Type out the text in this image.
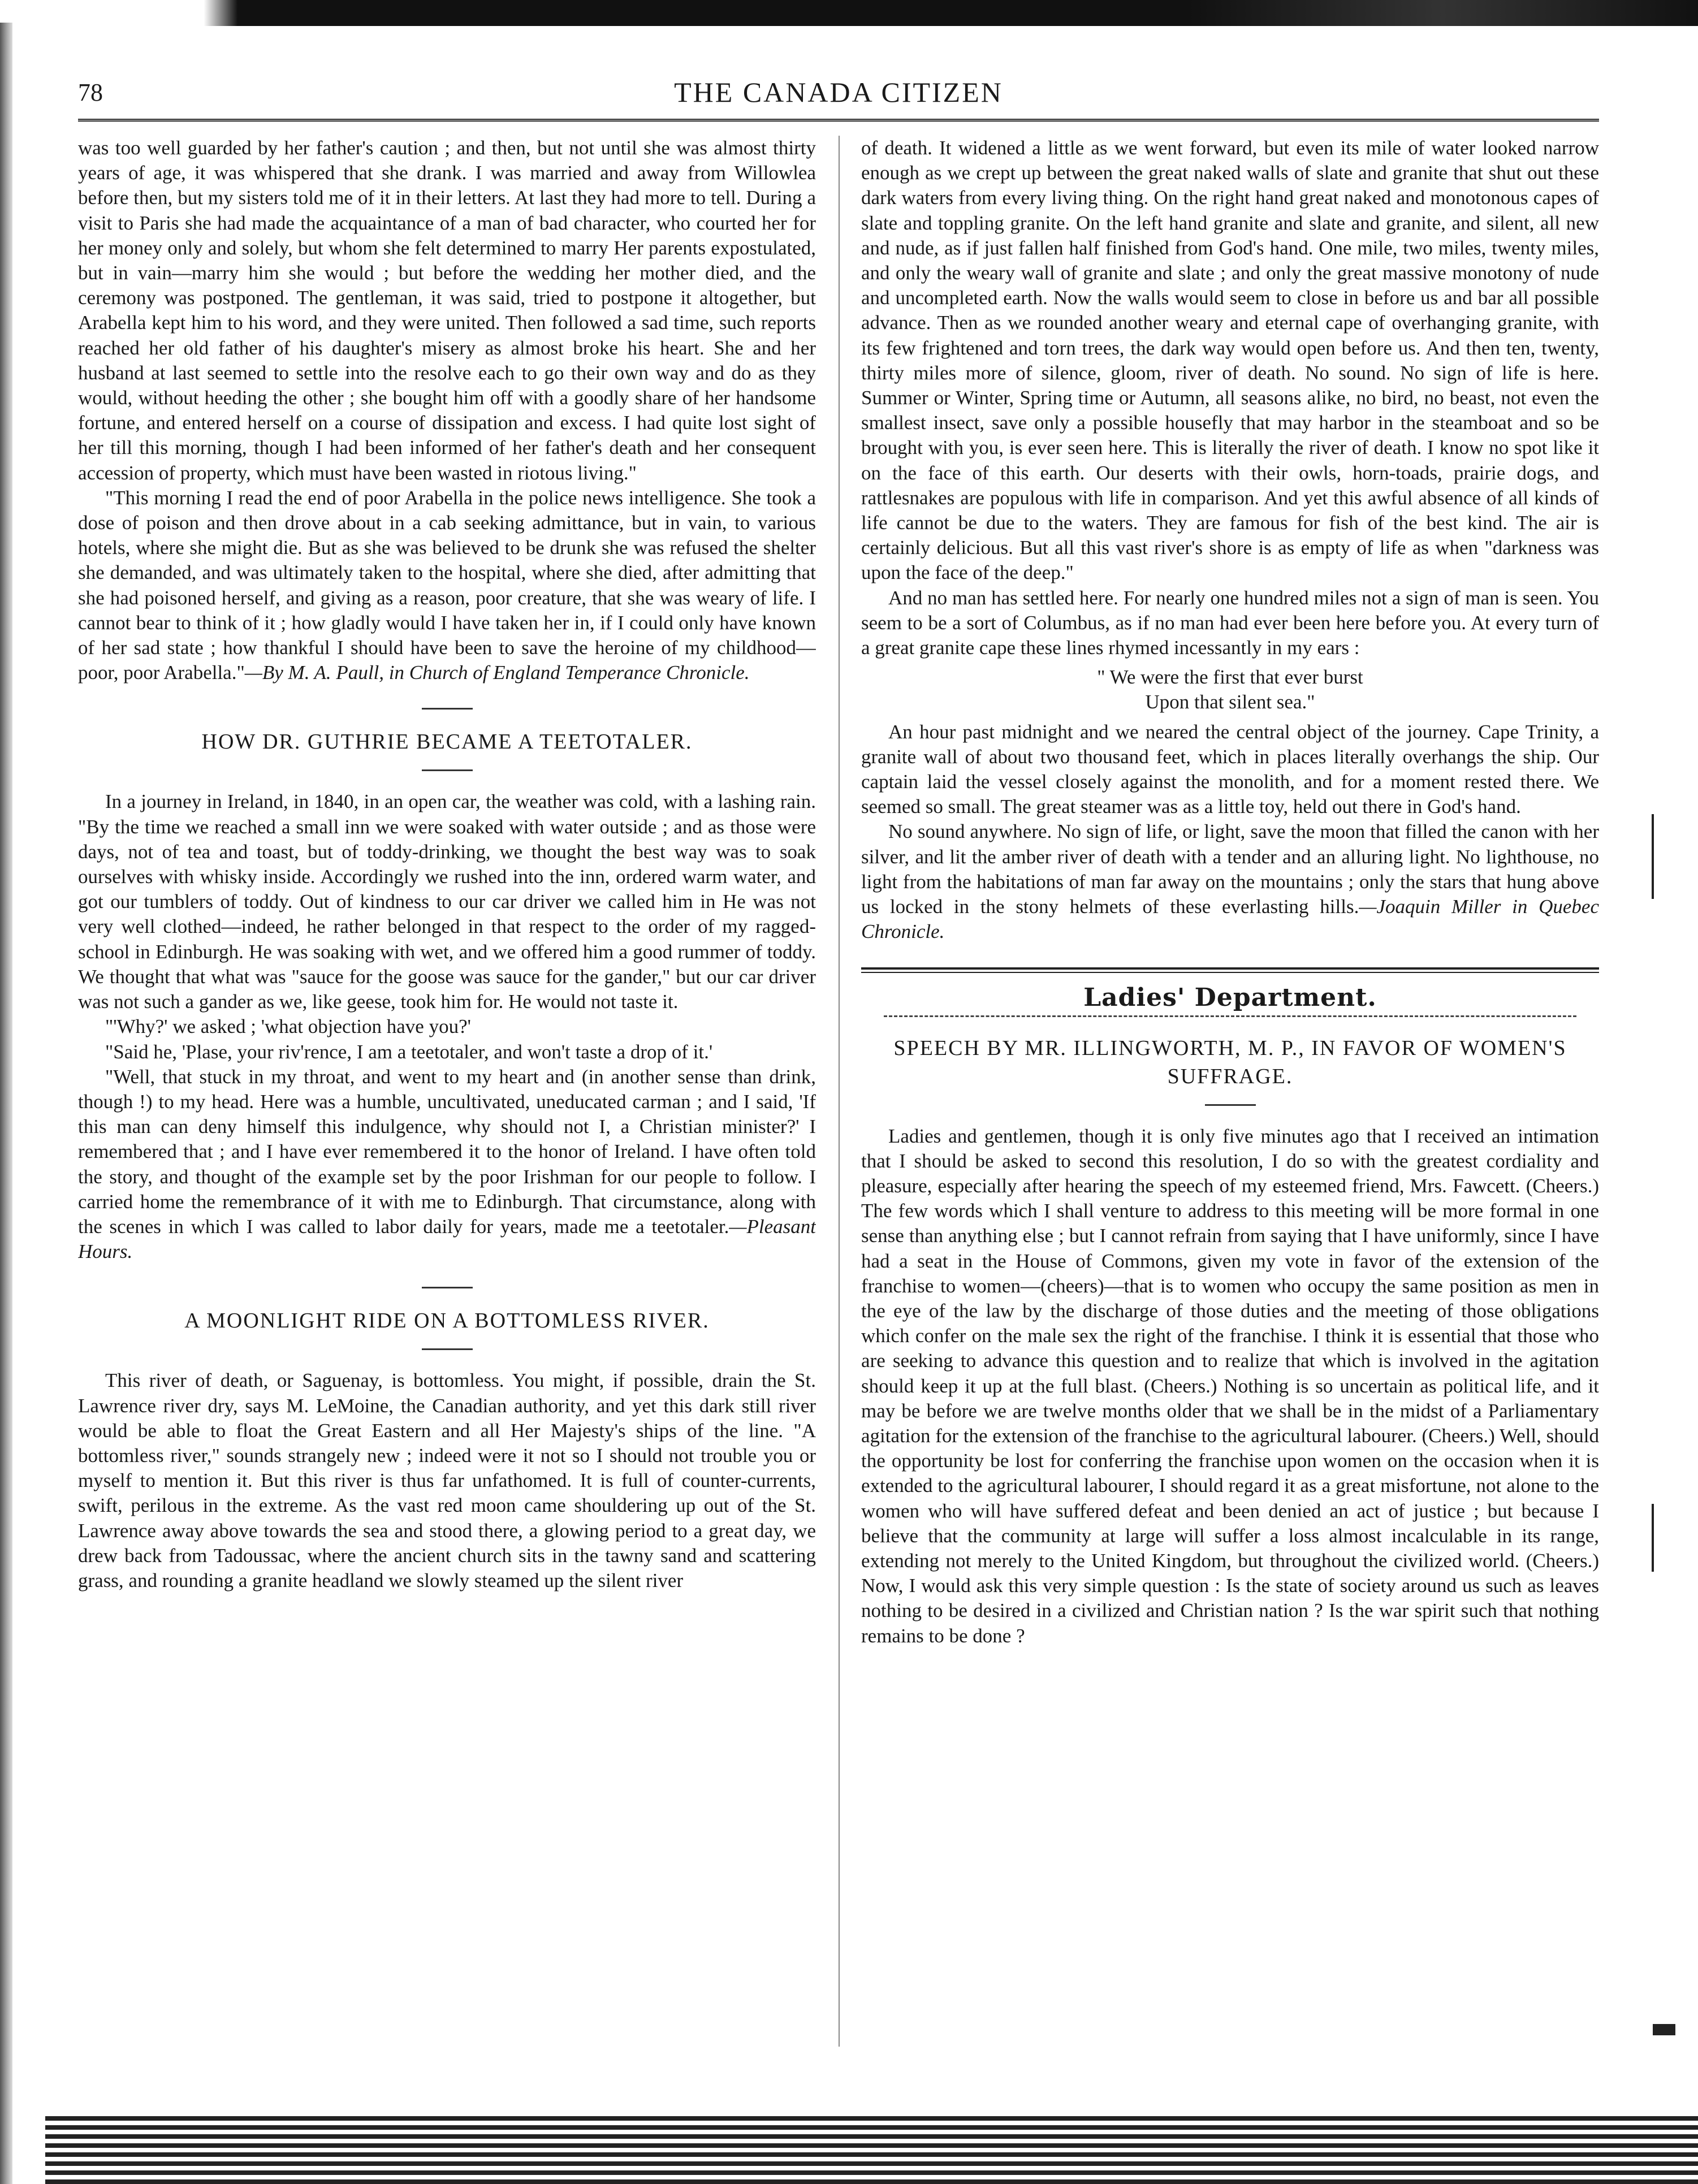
78	THE CANADA CITIZEN

was too well guarded by her father's caution ; and then, but not until she was almost thirty years of age, it was whispered that she drank. I was married and away from Willowlea before then, but my sisters told me of it in their letters. At last they had more to tell. During a visit to Paris she had made the acquaintance of a man of bad character, who courted her for her money only and solely, but whom she felt determined to marry Her parents expostulated, but in vain—marry him she would ; but before the wedding her mother died, and the ceremony was postponed. The gentleman, it was said, tried to postpone it altogether, but Arabella kept him to his word, and they were united. Then followed a sad time, such reports reached her old father of his daughter's misery as almost broke his heart. She and her husband at last seemed to settle into the resolve each to go their own way and do as they would, without heeding the other ; she bought him off with a goodly share of her handsome fortune, and entered herself on a course of dissipation and excess. I had quite lost sight of her till this morning, though I had been informed of her father's death and her consequent accession of property, which must have been wasted in riotous living."

"This morning I read the end of poor Arabella in the police news intelligence. She took a dose of poison and then drove about in a cab seeking admittance, but in vain, to various hotels, where she might die. But as she was believed to be drunk she was refused the shelter she demanded, and was ultimately taken to the hospital, where she died, after admitting that she had poisoned herself, and giving as a reason, poor creature, that she was weary of life. I cannot bear to think of it ; how gladly would I have taken her in, if I could only have known of her sad state ; how thankful I should have been to save the heroine of my childhood—poor, poor Arabella."—By M. A. Paull, in Church of England Temperance Chronicle.

HOW DR. GUTHRIE BECAME A TEETOTALER.

In a journey in Ireland, in 1840, in an open car, the weather was cold, with a lashing rain. "By the time we reached a small inn we were soaked with water outside ; and as those were days, not of tea and toast, but of toddy-drinking, we thought the best way was to soak ourselves with whisky inside. Accordingly we rushed into the inn, ordered warm water, and got our tumblers of toddy. Out of kindness to our car driver we called him in He was not very well clothed—indeed, he rather belonged in that respect to the order of my ragged-school in Edinburgh. He was soaking with wet, and we offered him a good rummer of toddy. We thought that what was "sauce for the goose was sauce for the gander," but our car driver was not such a gander as we, like geese, took him for. He would not taste it.

"'Why?' we asked ; 'what objection have you?'

"Said he, 'Plase, your riv'rence, I am a teetotaler, and won't taste a drop of it.'

"Well, that stuck in my throat, and went to my heart and (in another sense than drink, though !) to my head. Here was a humble, uncultivated, uneducated carman ; and I said, 'If this man can deny himself this indulgence, why should not I, a Christian minister?' I remembered that ; and I have ever remembered it to the honor of Ireland. I have often told the story, and thought of the example set by the poor Irishman for our people to follow. I carried home the remembrance of it with me to Edinburgh. That circumstance, along with the scenes in which I was called to labor daily for years, made me a teetotaler.—Pleasant Hours.

A MOONLIGHT RIDE ON A BOTTOMLESS RIVER.

This river of death, or Saguenay, is bottomless. You might, if possible, drain the St. Lawrence river dry, says M. LeMoine, the Canadian authority, and yet this dark still river would be able to float the Great Eastern and all Her Majesty's ships of the line. "A bottomless river," sounds strangely new ; indeed were it not so I should not trouble you or myself to mention it. But this river is thus far unfathomed. It is full of counter-currents, swift, perilous in the extreme. As the vast red moon came shouldering up out of the St. Lawrence away above towards the sea and stood there, a glowing period to a great day, we drew back from Tadoussac, where the ancient church sits in the tawny sand and scattering grass, and rounding a granite headland we slowly steamed up the silent river

of death. It widened a little as we went forward, but even its mile of water looked narrow enough as we crept up between the great naked walls of slate and granite that shut out these dark waters from every living thing. On the right hand great naked and monotonous capes of slate and toppling granite. On the left hand granite and slate and granite, and silent, all new and nude, as if just fallen half finished from God's hand. One mile, two miles, twenty miles, and only the weary wall of granite and slate ; and only the great massive monotony of nude and uncompleted earth. Now the walls would seem to close in before us and bar all possible advance. Then as we rounded another weary and eternal cape of overhanging granite, with its few frightened and torn trees, the dark way would open before us. And then ten, twenty, thirty miles more of silence, gloom, river of death. No sound. No sign of life is here. Summer or Winter, Spring time or Autumn, all seasons alike, no bird, no beast, not even the smallest insect, save only a possible housefly that may harbor in the steamboat and so be brought with you, is ever seen here. This is literally the river of death. I know no spot like it on the face of this earth. Our deserts with their owls, horn-toads, prairie dogs, and rattlesnakes are populous with life in comparison. And yet this awful absence of all kinds of life cannot be due to the waters. They are famous for fish of the best kind. The air is certainly delicious. But all this vast river's shore is as empty of life as when "darkness was upon the face of the deep."

And no man has settled here. For nearly one hundred miles not a sign of man is seen. You seem to be a sort of Columbus, as if no man had ever been here before you. At every turn of a great granite cape these lines rhymed incessantly in my ears :

" We were the first that ever burst
Upon that silent sea."

An hour past midnight and we neared the central object of the journey. Cape Trinity, a granite wall of about two thousand feet, which in places literally overhangs the ship. Our captain laid the vessel closely against the monolith, and for a moment rested there. We seemed so small. The great steamer was as a little toy, held out there in God's hand.

No sound anywhere. No sign of life, or light, save the moon that filled the canon with her silver, and lit the amber river of death with a tender and an alluring light. No lighthouse, no light from the habitations of man far away on the mountains ; only the stars that hung above us locked in the stony helmets of these everlasting hills.—Joaquin Miller in Quebec Chronicle.

Ladies' Department.
SPEECH BY MR. ILLINGWORTH, M. P., IN FAVOR OF WOMEN'S SUFFRAGE.

Ladies and gentlemen, though it is only five minutes ago that I received an intimation that I should be asked to second this resolution, I do so with the greatest cordiality and pleasure, especially after hearing the speech of my esteemed friend, Mrs. Fawcett. (Cheers.) The few words which I shall venture to address to this meeting will be more formal in one sense than anything else ; but I cannot refrain from saying that I have uniformly, since I have had a seat in the House of Commons, given my vote in favor of the extension of the franchise to women—(cheers)—that is to women who occupy the same position as men in the eye of the law by the discharge of those duties and the meeting of those obligations which confer on the male sex the right of the franchise. I think it is essential that those who are seeking to advance this question and to realize that which is involved in the agitation should keep it up at the full blast. (Cheers.) Nothing is so uncertain as political life, and it may be before we are twelve months older that we shall be in the midst of a Parliamentary agitation for the extension of the franchise to the agricultural labourer. (Cheers.) Well, should the opportunity be lost for conferring the franchise upon women on the occasion when it is extended to the agricultural labourer, I should regard it as a great misfortune, not alone to the women who will have suffered defeat and been denied an act of justice ; but because I believe that the community at large will suffer a loss almost incalculable in its range, extending not merely to the United Kingdom, but throughout the civilized world. (Cheers.) Now, I would ask this very simple question : Is the state of society around us such as leaves nothing to be desired in a civilized and Christian nation ? Is the war spirit such that nothing remains to be done ?
